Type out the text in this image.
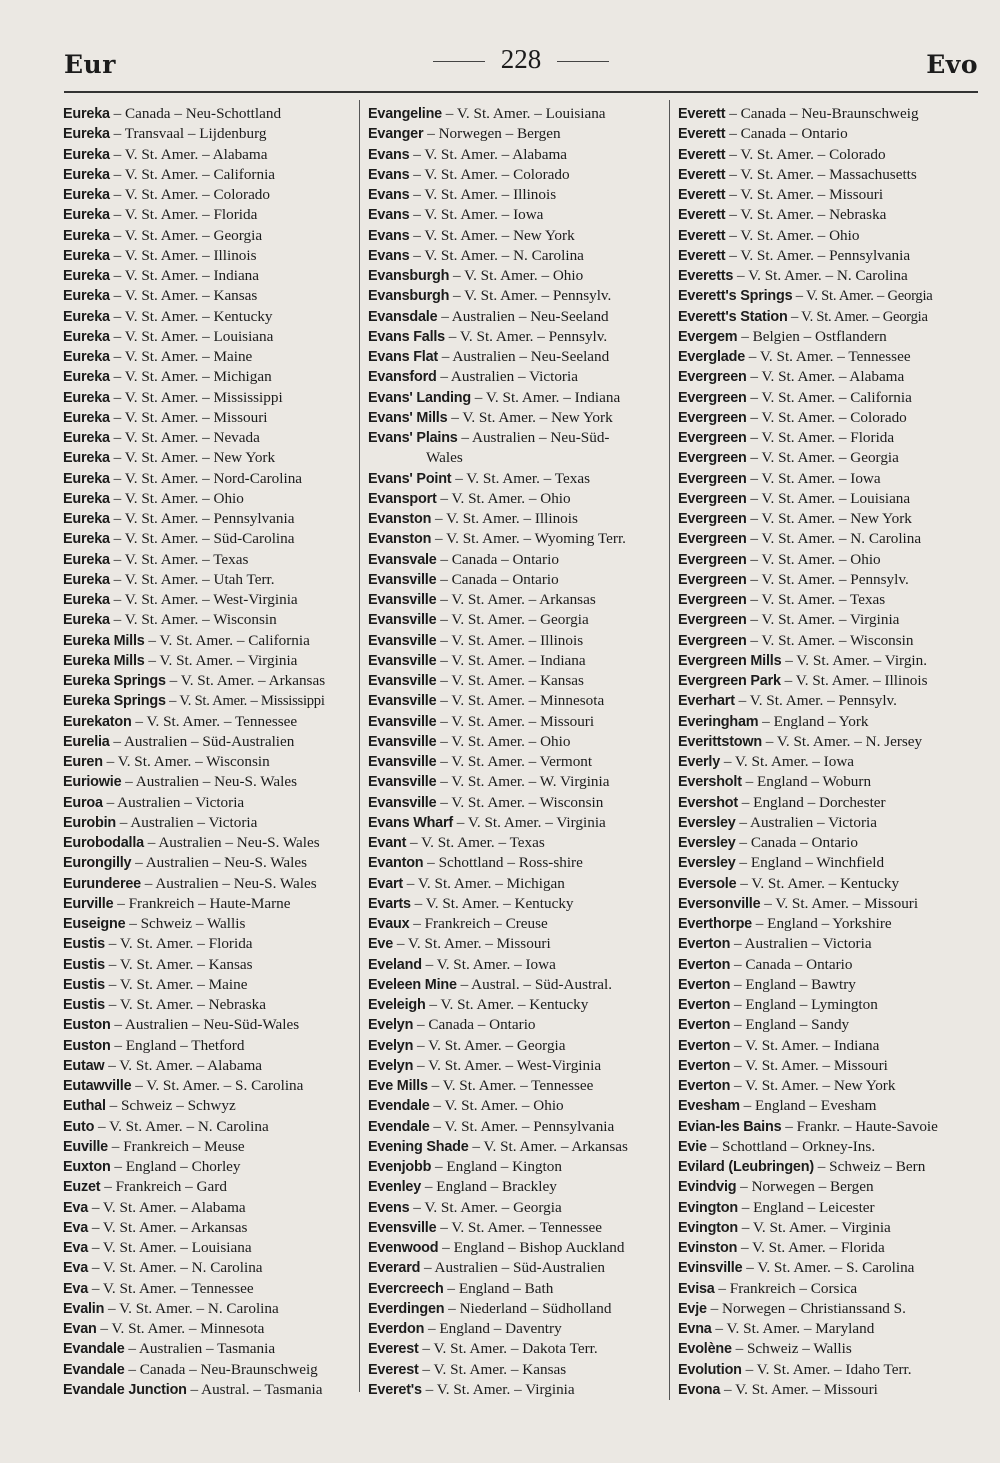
Eur	228	Evo
Eureka – Canada – Neu-Schottland
Eureka – Transvaal – Lijdenburg
Eureka – V. St. Amer. – Alabama
Eureka – V. St. Amer. – California
Eureka – V. St. Amer. – Colorado
Eureka – V. St. Amer. – Florida
Eureka – V. St. Amer. – Georgia
Eureka – V. St. Amer. – Illinois
Eureka – V. St. Amer. – Indiana
Eureka – V. St. Amer. – Kansas
Eureka – V. St. Amer. – Kentucky
Eureka – V. St. Amer. – Louisiana
Eureka – V. St. Amer. – Maine
Eureka – V. St. Amer. – Michigan
Eureka – V. St. Amer. – Mississippi
Eureka – V. St. Amer. – Missouri
Eureka – V. St. Amer. – Nevada
Eureka – V. St. Amer. – New York
Eureka – V. St. Amer. – Nord-Carolina
Eureka – V. St. Amer. – Ohio
Eureka – V. St. Amer. – Pennsylvania
Eureka – V. St. Amer. – Süd-Carolina
Eureka – V. St. Amer. – Texas
Eureka – V. St. Amer. – Utah Terr.
Eureka – V. St. Amer. – West-Virginia
Eureka – V. St. Amer. – Wisconsin
Eureka Mills – V. St. Amer. – California
Eureka Mills – V. St. Amer. – Virginia
Eureka Springs – V. St. Amer. – Arkansas
Eureka Springs – V. St. Amer. – Mississippi
Eurekaton – V. St. Amer. – Tennessee
Eurelia – Australien – Süd-Australien
Euren – V. St. Amer. – Wisconsin
Euriowie – Australien – Neu-S. Wales
Euroa – Australien – Victoria
Eurobin – Australien – Victoria
Eurobodalla – Australien – Neu-S. Wales
Eurongilly – Australien – Neu-S. Wales
Eurunderee – Australien – Neu-S. Wales
Eurville – Frankreich – Haute-Marne
Euseigne – Schweiz – Wallis
Eustis – V. St. Amer. – Florida
Eustis – V. St. Amer. – Kansas
Eustis – V. St. Amer. – Maine
Eustis – V. St. Amer. – Nebraska
Euston – Australien – Neu-Süd-Wales
Euston – England – Thetford
Eutaw – V. St. Amer. – Alabama
Eutawville – V. St. Amer. – S. Carolina
Euthal – Schweiz – Schwyz
Euto – V. St. Amer. – N. Carolina
Euville – Frankreich – Meuse
Euxton – England – Chorley
Euzet – Frankreich – Gard
Eva – V. St. Amer. – Alabama
Eva – V. St. Amer. – Arkansas
Eva – V. St. Amer. – Louisiana
Eva – V. St. Amer. – N. Carolina
Eva – V. St. Amer. – Tennessee
Evalin – V. St. Amer. – N. Carolina
Evan – V. St. Amer. – Minnesota
Evandale – Australien – Tasmania
Evandale – Canada – Neu-Braunschweig
Evandale Junction – Austral. – Tasmania
Evangeline – V. St. Amer. – Louisiana
Evanger – Norwegen – Bergen
Evans – V. St. Amer. – Alabama
Evans – V. St. Amer. – Colorado
Evans – V. St. Amer. – Illinois
Evans – V. St. Amer. – Iowa
Evans – V. St. Amer. – New York
Evans – V. St. Amer. – N. Carolina
Evansburgh – V. St. Amer. – Ohio
Evansburgh – V. St. Amer. – Pennsylv.
Evansdale – Australien – Neu-Seeland
Evans Falls – V. St. Amer. – Pennsylv.
Evans Flat – Australien – Neu-Seeland
Evansford – Australien – Victoria
Evans' Landing – V. St. Amer. – Indiana
Evans' Mills – V. St. Amer. – New York
Evans' Plains – Australien – Neu-Süd-
Wales
Evans' Point – V. St. Amer. – Texas
Evansport – V. St. Amer. – Ohio
Evanston – V. St. Amer. – Illinois
Evanston – V. St. Amer. – Wyoming Terr.
Evansvale – Canada – Ontario
Evansville – Canada – Ontario
Evansville – V. St. Amer. – Arkansas
Evansville – V. St. Amer. – Georgia
Evansville – V. St. Amer. – Illinois
Evansville – V. St. Amer. – Indiana
Evansville – V. St. Amer. – Kansas
Evansville – V. St. Amer. – Minnesota
Evansville – V. St. Amer. – Missouri
Evansville – V. St. Amer. – Ohio
Evansville – V. St. Amer. – Vermont
Evansville – V. St. Amer. – W. Virginia
Evansville – V. St. Amer. – Wisconsin
Evans Wharf – V. St. Amer. – Virginia
Evant – V. St. Amer. – Texas
Evanton – Schottland – Ross-shire
Evart – V. St. Amer. – Michigan
Evarts – V. St. Amer. – Kentucky
Evaux – Frankreich – Creuse
Eve – V. St. Amer. – Missouri
Eveland – V. St. Amer. – Iowa
Eveleen Mine – Austral. – Süd-Austral.
Eveleigh – V. St. Amer. – Kentucky
Evelyn – Canada – Ontario
Evelyn – V. St. Amer. – Georgia
Evelyn – V. St. Amer. – West-Virginia
Eve Mills – V. St. Amer. – Tennessee
Evendale – V. St. Amer. – Ohio
Evendale – V. St. Amer. – Pennsylvania
Evening Shade – V. St. Amer. – Arkansas
Evenjobb – England – Kington
Evenley – England – Brackley
Evens – V. St. Amer. – Georgia
Evensville – V. St. Amer. – Tennessee
Evenwood – England – Bishop Auckland
Everard – Australien – Süd-Australien
Evercreech – England – Bath
Everdingen – Niederland – Südholland
Everdon – England – Daventry
Everest – V. St. Amer. – Dakota Terr.
Everest – V. St. Amer. – Kansas
Everet's – V. St. Amer. – Virginia
Everett – Canada – Neu-Braunschweig
Everett – Canada – Ontario
Everett – V. St. Amer. – Colorado
Everett – V. St. Amer. – Massachusetts
Everett – V. St. Amer. – Missouri
Everett – V. St. Amer. – Nebraska
Everett – V. St. Amer. – Ohio
Everett – V. St. Amer. – Pennsylvania
Everetts – V. St. Amer. – N. Carolina
Everett's Springs – V. St. Amer. – Georgia
Everett's Station – V. St. Amer. – Georgia
Evergem – Belgien – Ostflandern
Everglade – V. St. Amer. – Tennessee
Evergreen – V. St. Amer. – Alabama
Evergreen – V. St. Amer. – California
Evergreen – V. St. Amer. – Colorado
Evergreen – V. St. Amer. – Florida
Evergreen – V. St. Amer. – Georgia
Evergreen – V. St. Amer. – Iowa
Evergreen – V. St. Amer. – Louisiana
Evergreen – V. St. Amer. – New York
Evergreen – V. St. Amer. – N. Carolina
Evergreen – V. St. Amer. – Ohio
Evergreen – V. St. Amer. – Pennsylv.
Evergreen – V. St. Amer. – Texas
Evergreen – V. St. Amer. – Virginia
Evergreen – V. St. Amer. – Wisconsin
Evergreen Mills – V. St. Amer. – Virgin.
Evergreen Park – V. St. Amer. – Illinois
Everhart – V. St. Amer. – Pennsylv.
Everingham – England – York
Everittstown – V. St. Amer. – N. Jersey
Everly – V. St. Amer. – Iowa
Eversholt – England – Woburn
Evershot – England – Dorchester
Eversley – Australien – Victoria
Eversley – Canada – Ontario
Eversley – England – Winchfield
Eversole – V. St. Amer. – Kentucky
Eversonville – V. St. Amer. – Missouri
Everthorpe – England – Yorkshire
Everton – Australien – Victoria
Everton – Canada – Ontario
Everton – England – Bawtry
Everton – England – Lymington
Everton – England – Sandy
Everton – V. St. Amer. – Indiana
Everton – V. St. Amer. – Missouri
Everton – V. St. Amer. – New York
Evesham – England – Evesham
Evian-les Bains – Frankr. – Haute-Savoie
Evie – Schottland – Orkney-Ins.
Evilard (Leubringen) – Schweiz – Bern
Evindvig – Norwegen – Bergen
Evington – England – Leicester
Evington – V. St. Amer. – Virginia
Evinston – V. St. Amer. – Florida
Evinsville – V. St. Amer. – S. Carolina
Evisa – Frankreich – Corsica
Evje – Norwegen – Christianssand S.
Evna – V. St. Amer. – Maryland
Evolène – Schweiz – Wallis
Evolution – V. St. Amer. – Idaho Terr.
Evona – V. St. Amer. – Missouri
